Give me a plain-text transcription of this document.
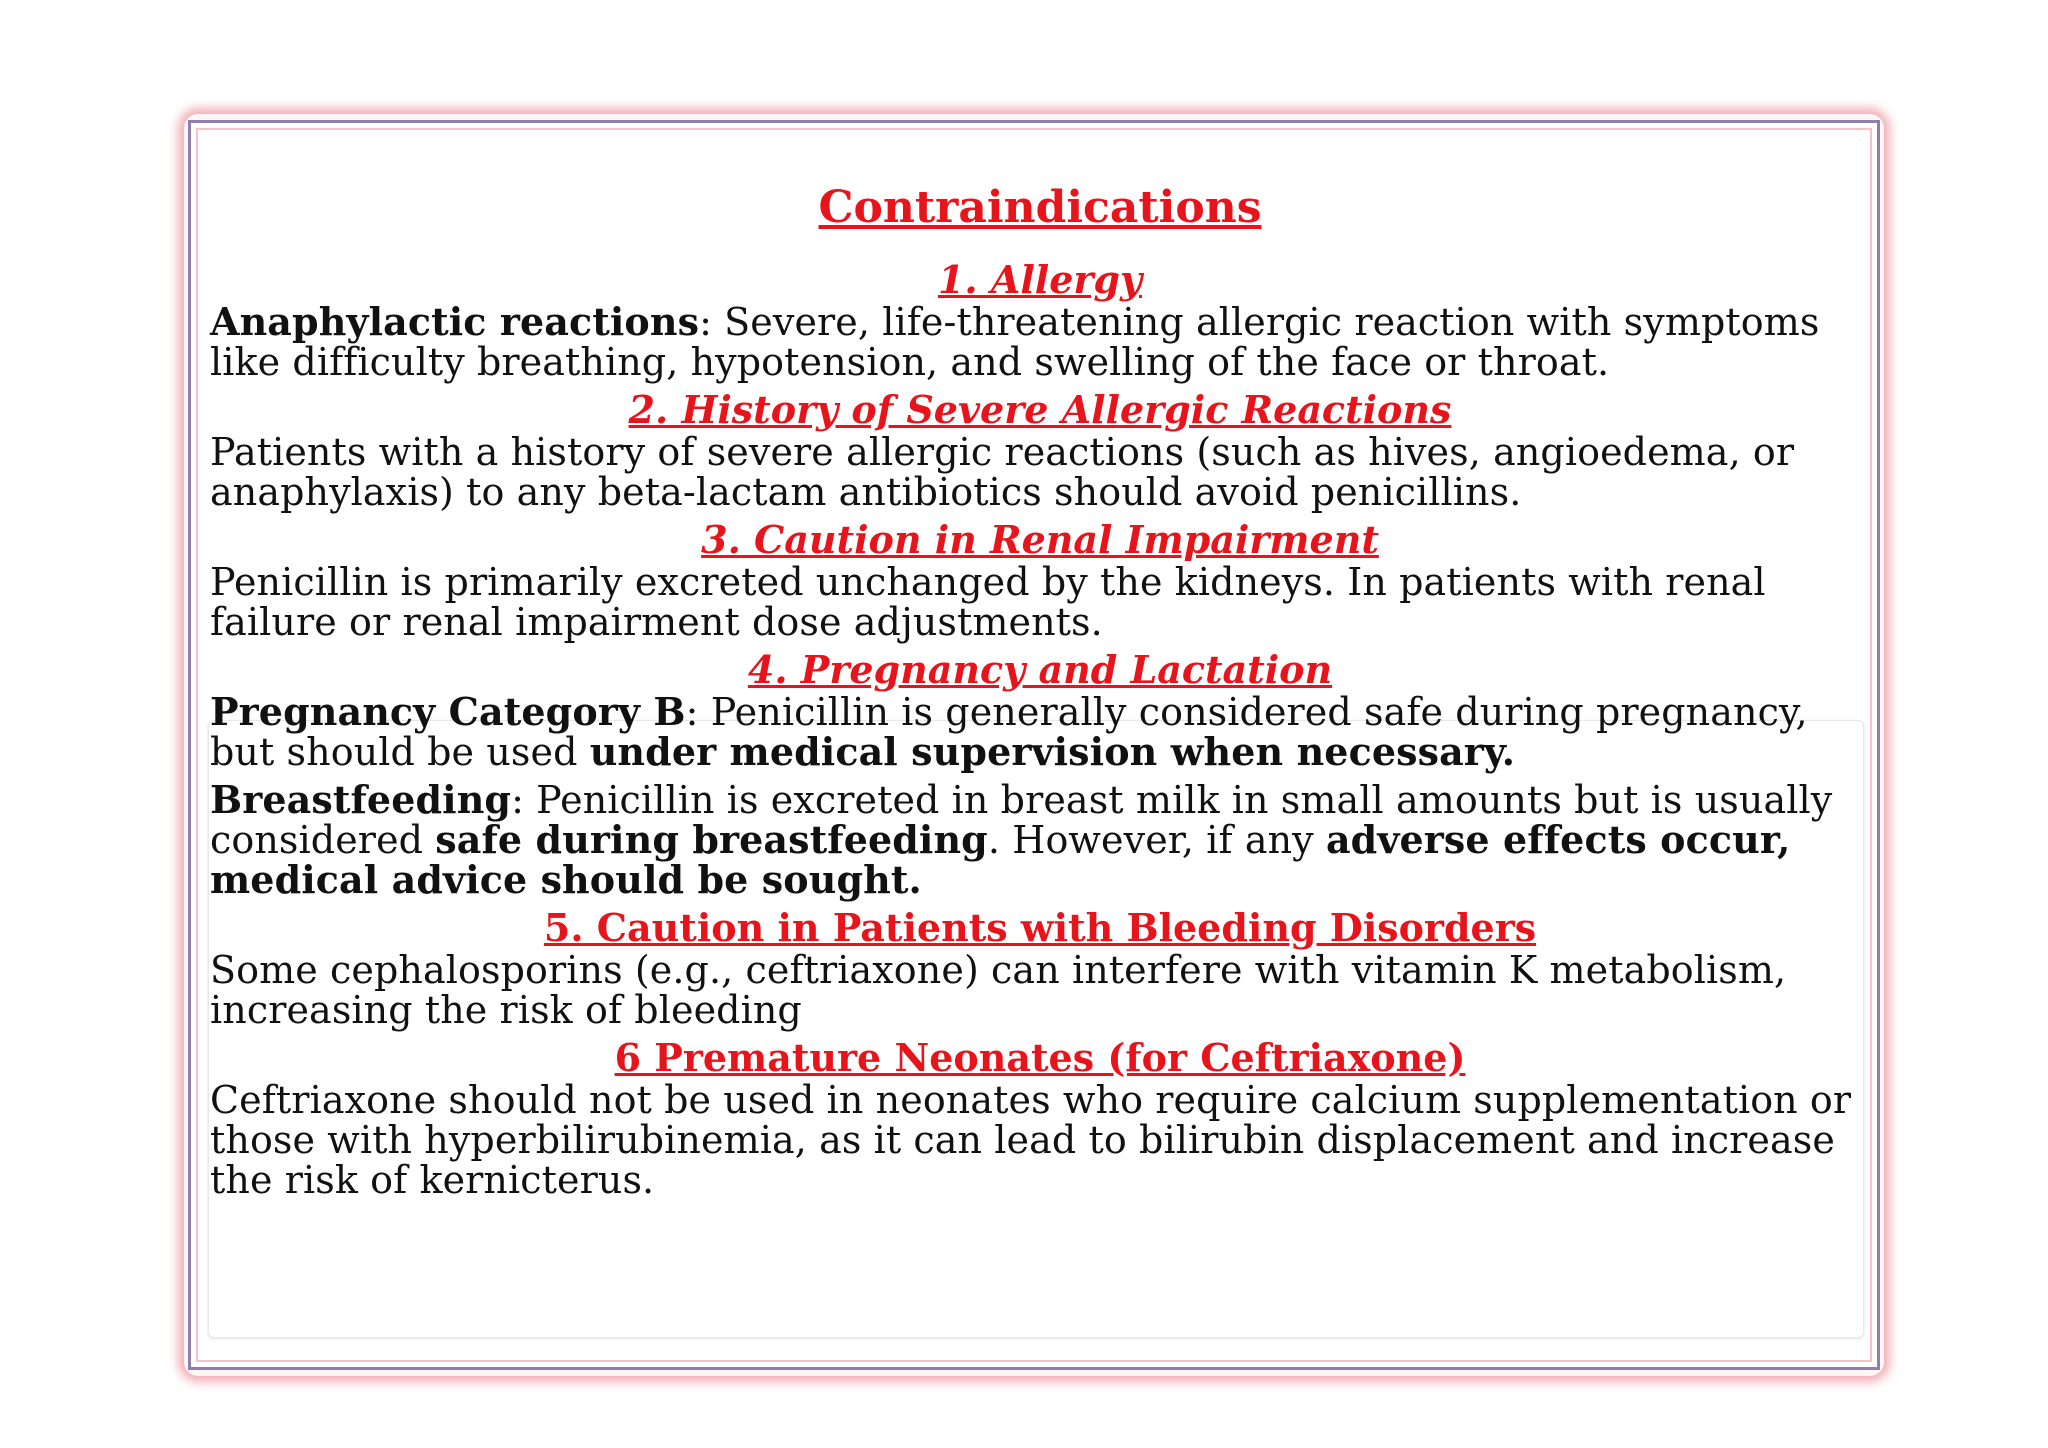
Contraindications
1. Allergy

Anaphylactic reactions: Severe, life-threatening allergic reaction with symptoms like difficulty breathing, hypotension, and swelling of the face or throat.

2. History of Severe Allergic Reactions

Patients with a history of severe allergic reactions (such as hives, angioedema, or anaphylaxis) to any beta-lactam antibiotics should avoid penicillins.

3. Caution in Renal Impairment

Penicillin is primarily excreted unchanged by the kidneys. In patients with renal failure or renal impairment dose adjustments.

4. Pregnancy and Lactation

Pregnancy Category B: Penicillin is generally considered safe during pregnancy, but should be used under medical supervision when necessary.

Breastfeeding: Penicillin is excreted in breast milk in small amounts but is usually considered safe during breastfeeding. However, if any adverse effects occur, medical advice should be sought.

5. Caution in Patients with Bleeding Disorders

Some cephalosporins (e.g., ceftriaxone) can interfere with vitamin K metabolism, increasing the risk of bleeding

6 Premature Neonates (for Ceftriaxone)

Ceftriaxone should not be used in neonates who require calcium supplementation or those with hyperbilirubinemia, as it can lead to bilirubin displacement and increase the risk of kernicterus.
